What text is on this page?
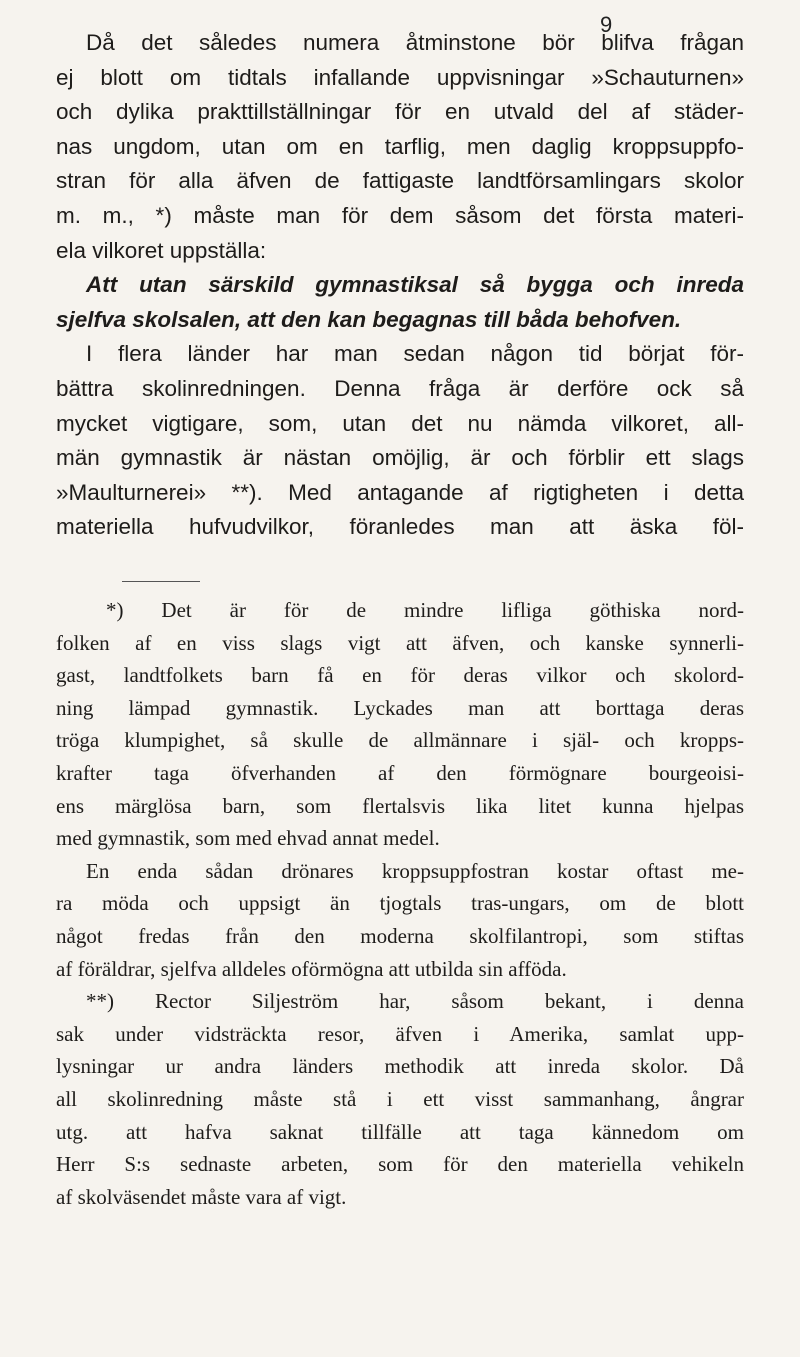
9
Då det således numera åtminstone bör blifva frågan
ej blott om tidtals infallande uppvisningar »Schauturnen»
och dylika prakttillställningar för en utvald del af städer-
nas ungdom, utan om en tarflig, men daglig kroppsuppfo-
stran för alla äfven de fattigaste landtförsamlingars skolor
m. m., *) måste man för dem såsom det första materi-
ela vilkoret uppställa:
Att utan särskild gymnastiksal så bygga och inreda
sjelfva skolsalen, att den kan begagnas till båda behofven.
I flera länder har man sedan någon tid börjat för-
bättra skolinredningen. Denna fråga är derföre ock så
mycket vigtigare, som, utan det nu nämda vilkoret, all-
män gymnastik är nästan omöjlig, är och förblir ett slags
»Maulturnerei» **). Med antagande af rigtigheten i detta
materiella hufvudvilkor, föranledes man att äska föl-
*) Det är för de mindre lifliga göthiska nord-
folken af en viss slags vigt att äfven, och kanske synnerli-
gast, landtfolkets barn få en för deras vilkor och skolord-
ning lämpad gymnastik. Lyckades man att borttaga deras
tröga klumpighet, så skulle de allmännare i själ- och kropps-
krafter taga öfverhanden af den förmögnare bourgeoisi-
ens märglösa barn, som flertalsvis lika litet kunna hjelpas
med gymnastik, som med ehvad annat medel.
En enda sådan drönares kroppsuppfostran kostar oftast me-
ra möda och uppsigt än tjogtals tras-ungars, om de blott
något fredas från den moderna skolfilantropi, som stiftas
af föräldrar, sjelfva alldeles oförmögna att utbilda sin afföda.
**) Rector Siljeström har, såsom bekant, i denna
sak under vidsträckta resor, äfven i Amerika, samlat upp-
lysningar ur andra länders methodik att inreda skolor. Då
all skolinredning måste stå i ett visst sammanhang, ångrar
utg. att hafva saknat tillfälle att taga kännedom om
Herr S:s sednaste arbeten, som för den materiella vehikeln
af skolväsendet måste vara af vigt.
